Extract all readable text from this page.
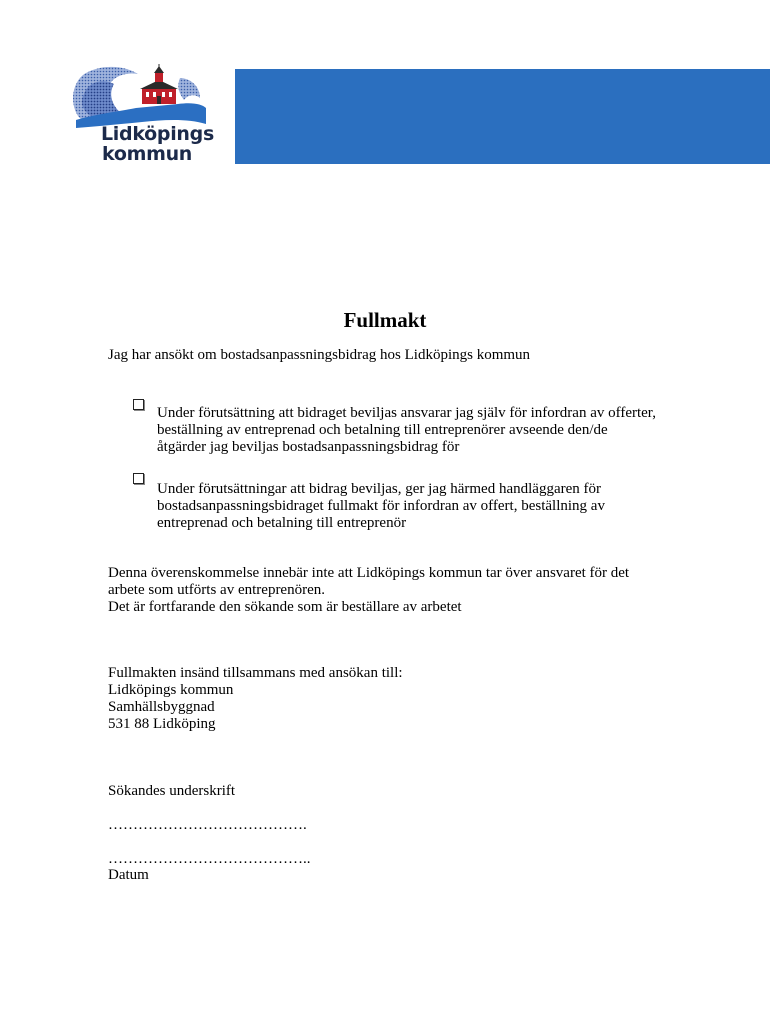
Lidköpings
kommun
Fullmakt
Jag har ansökt om bostadsanpassningsbidrag hos Lidköpings kommun
Under förutsättning att bidraget beviljas ansvarar jag själv för infordran av offerter,
beställning av entreprenad och betalning till entreprenörer avseende den/de
åtgärder jag beviljas bostadsanpassningsbidrag för
Under förutsättningar att bidrag beviljas, ger jag härmed handläggaren för
bostadsanpassningsbidraget fullmakt för infordran av offert, beställning av
entreprenad och betalning till entreprenör
Denna överenskommelse innebär inte att Lidköpings kommun tar över ansvaret för det
arbete som utförts av entreprenören.
Det är fortfarande den sökande som är beställare av arbetet
Fullmakten insänd tillsammans med ansökan till:
Lidköpings kommun
Samhällsbyggnad
531 88 Lidköping
Sökandes underskrift
………………………………….
…………………………………..
Datum
